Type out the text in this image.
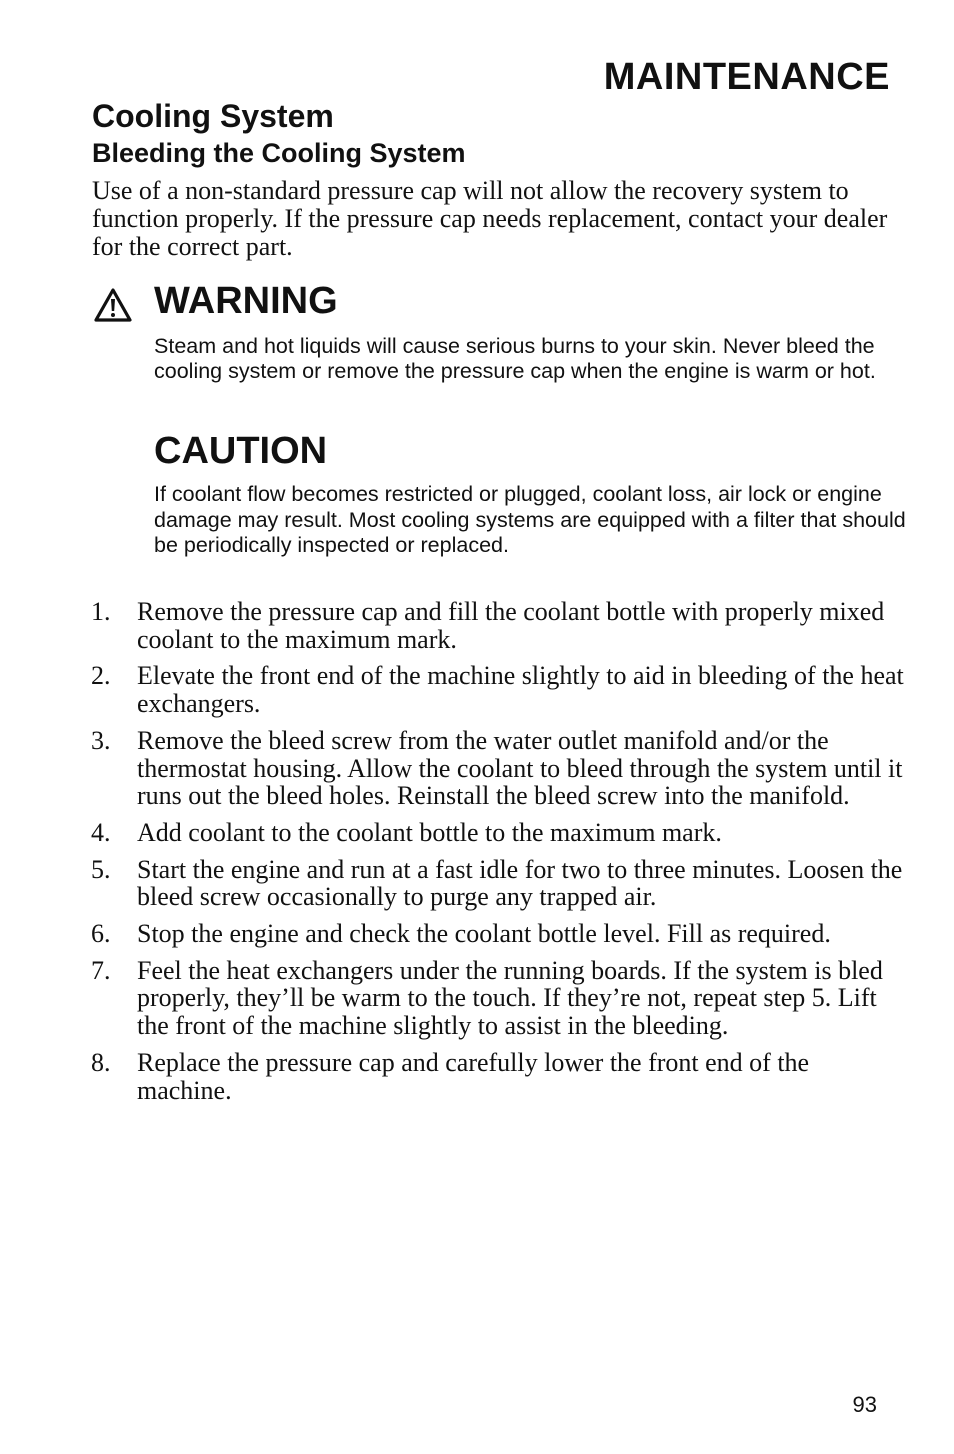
MAINTENANCE
Cooling System
Bleeding the Cooling System
Use of a non-standard pressure cap will not allow the recovery system to function properly. If the pressure cap needs replacement, contact your dealer for the correct part.
WARNING
Steam and hot liquids will cause serious burns to your skin. Never bleed the cooling system or remove the pressure cap when the engine is warm or hot.
CAUTION
If coolant flow becomes restricted or plugged, coolant loss, air lock or engine damage may result. Most cooling systems are equipped with a filter that should be periodically inspected or replaced.
1.	Remove the pressure cap and fill the coolant bottle with properly mixed coolant to the maximum mark.
2.	Elevate the front end of the machine slightly to aid in bleeding of the heat exchangers.
3.	Remove the bleed screw from the water outlet manifold and/or the thermostat housing. Allow the coolant to bleed through the system until it runs out the bleed holes. Reinstall the bleed screw into the manifold.
4.	Add coolant to the coolant bottle to the maximum mark.
5.	Start the engine and run at a fast idle for two to three minutes. Loosen the bleed screw occasionally to purge any trapped air.
6.	Stop the engine and check the coolant bottle level. Fill as required.
7.	Feel the heat exchangers under the running boards. If the system is bled properly, they’ll be warm to the touch. If they’re not, repeat step 5. Lift the front of the machine slightly to assist in the bleeding.
8.	Replace the pressure cap and carefully lower the front end of the machine.
93
